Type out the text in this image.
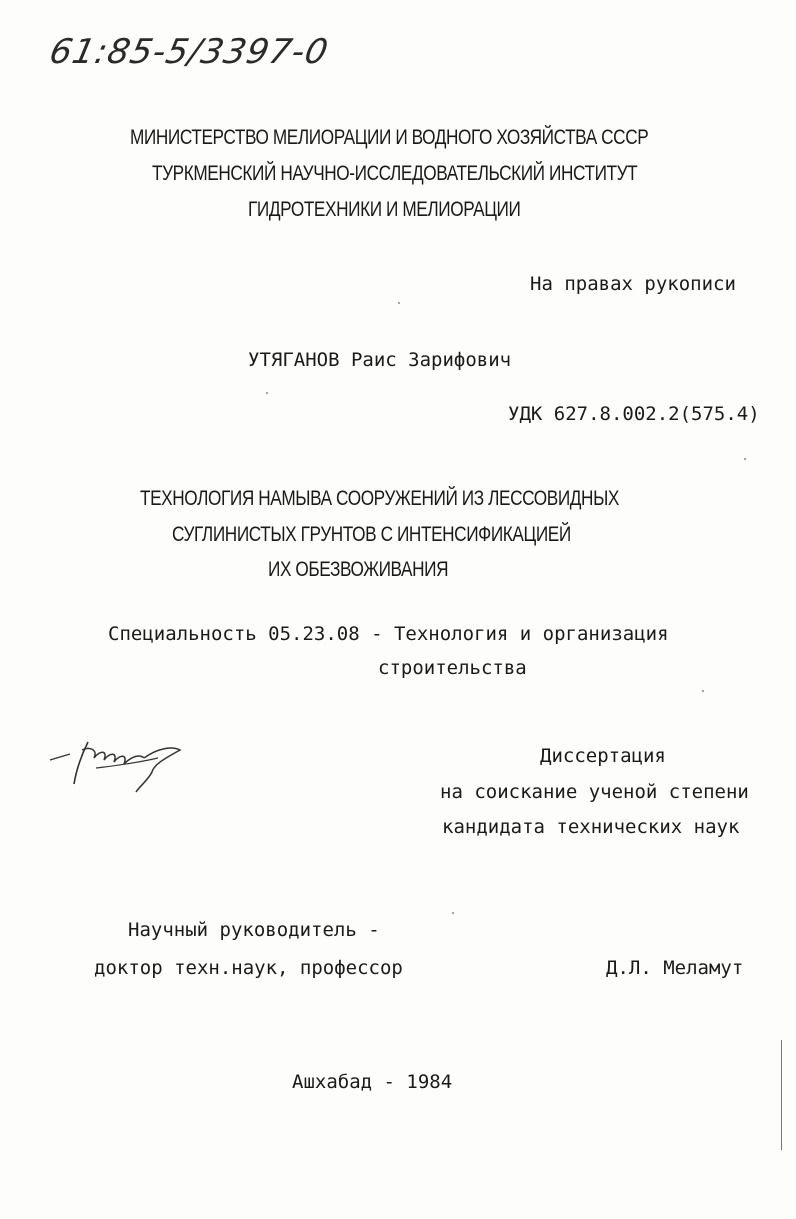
61:85-5/3397-0
МИНИСТЕРСТВО МЕЛИОРАЦИИ И ВОДНОГО ХОЗЯЙСТВА СССР
ТУРКМЕНСКИЙ НАУЧНО-ИССЛЕДОВАТЕЛЬСКИЙ ИНСТИТУТ
ГИДРОТЕХНИКИ И МЕЛИОРАЦИИ
На правах рукописи
УТЯГАНОВ Раис Зарифович
УДК 627.8.002.2(575.4)
ТЕХНОЛОГИЯ НАМЫВА СООРУЖЕНИЙ ИЗ ЛЕССОВИДНЫХ
СУГЛИНИСТЫХ ГРУНТОВ С ИНТЕНСИФИКАЦИЕЙ
ИХ ОБЕЗВОЖИВАНИЯ
Специальность 05.23.08 - Технология и организация
строительства
Диссертация
на соискание ученой степени
кандидата технических наук
Научный руководитель -
доктор техн.наук, профессор	Д.Л. Меламут
Ашхабад - 1984
